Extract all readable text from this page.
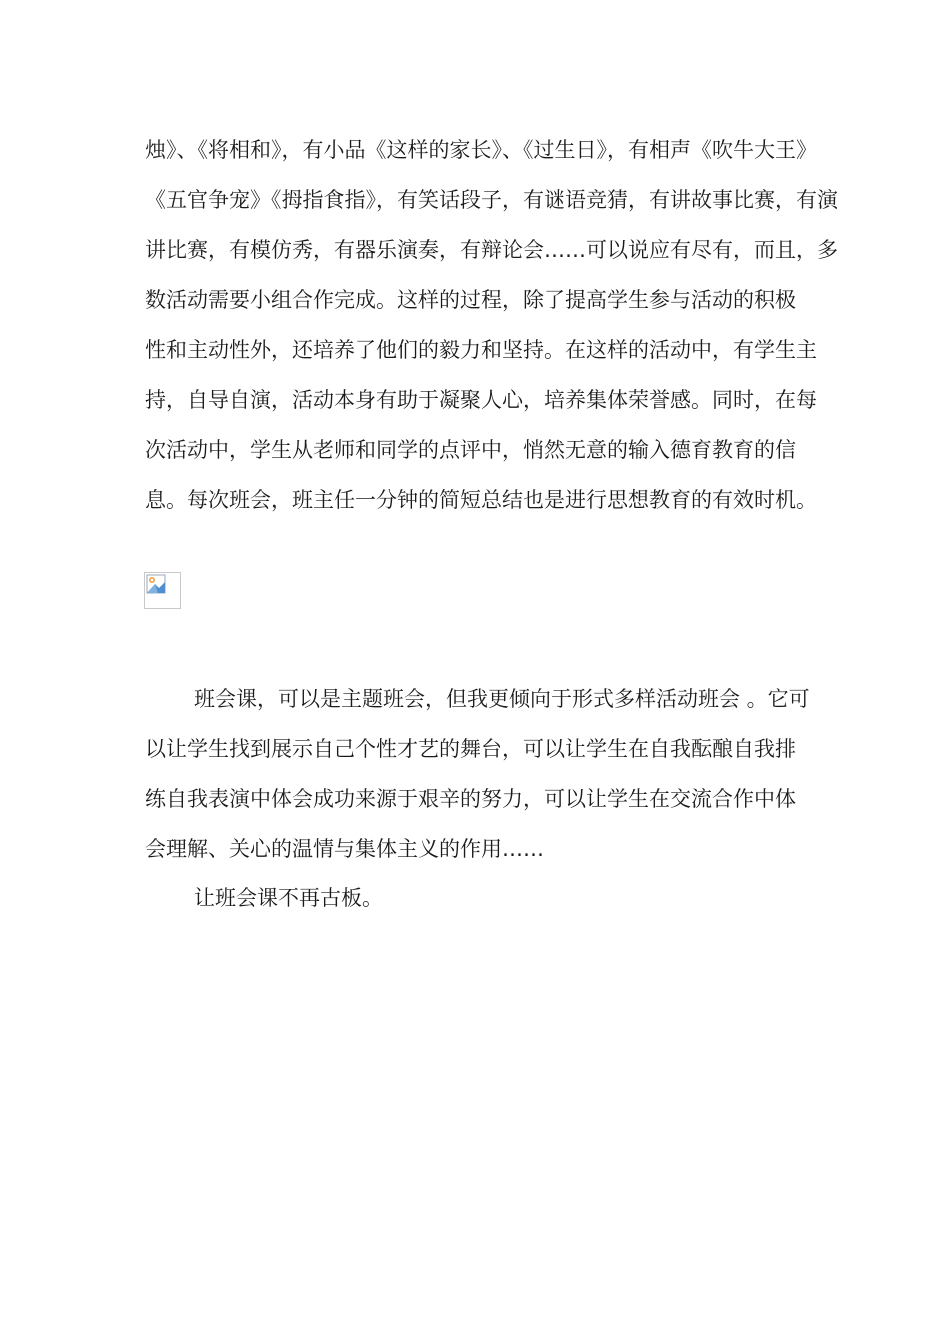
烛》、《将相和》，有小品《这样的家长》、《过生日》，有相声《吹牛大王》
《五官争宠》《拇指食指》，有笑话段子，有谜语竞猜，有讲故事比赛，有演
讲比赛，有模仿秀，有器乐演奏，有辩论会……可以说应有尽有，而且，多
数活动需要小组合作完成。这样的过程，除了提高学生参与活动的积极
性和主动性外，还培养了他们的毅力和坚持。在这样的活动中，有学生主
持，自导自演，活动本身有助于凝聚人心，培养集体荣誉感。同时，在每
次活动中，学生从老师和同学的点评中，悄然无意的输入德育教育的信
息。每次班会，班主任一分钟的简短总结也是进行思想教育的有效时机。
班会课，可以是主题班会，但我更倾向于形式多样活动班会 。它可
以让学生找到展示自己个性才艺的舞台，可以让学生在自我酝酿自我排
练自我表演中体会成功来源于艰辛的努力，可以让学生在交流合作中体
会理解、关心的温情与集体主义的作用……
让班会课不再古板。
